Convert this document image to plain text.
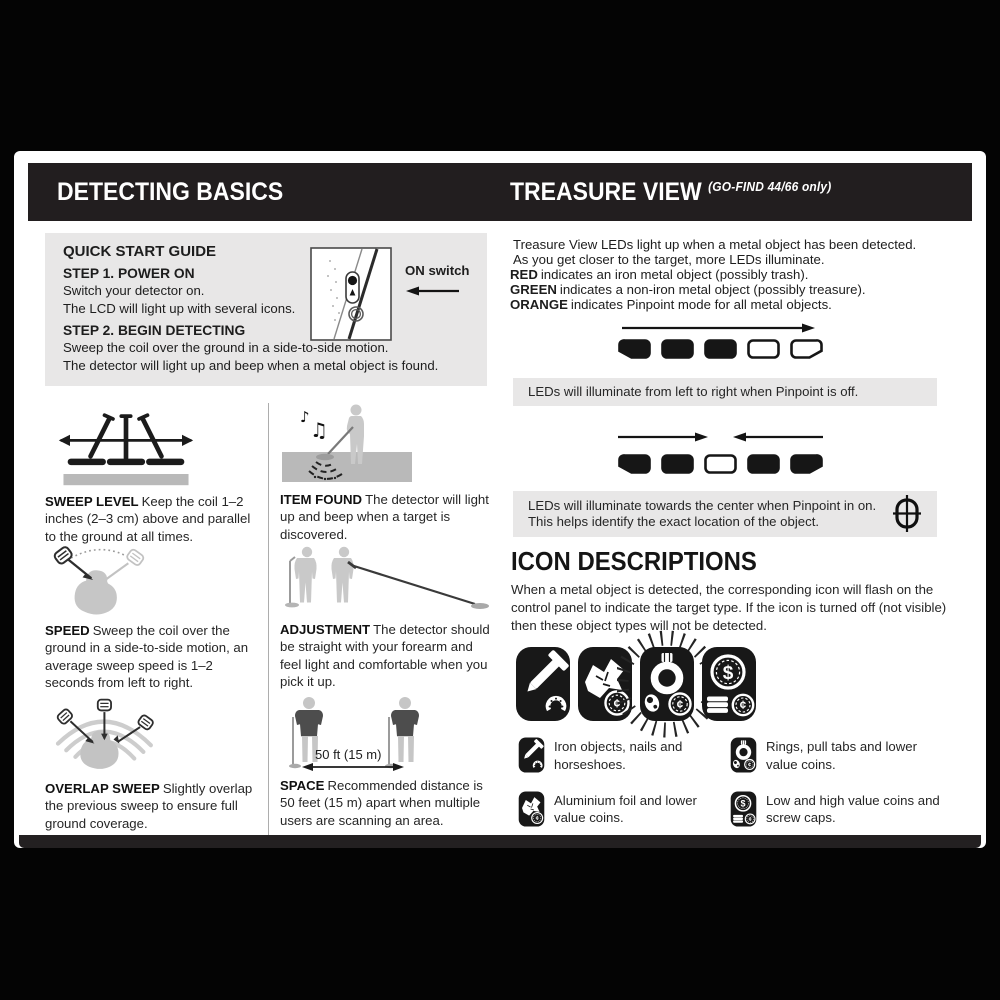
DETECTING BASICS	TREASURE VIEW $^{(GO-FIND 44/66 only)}$
QUICK START GUIDE
STEP 1. POWER ON
Switch your detector on.
The LCD will light up with several icons.
STEP 2. BEGIN DETECTING
Sweep the coil over the ground in a side-to-side motion.
The detector will light up and beep when a metal object is found.
ON switch

SWEEP LEVEL Keep the coil 1–2 inches (2–3 cm) above and parallel to the ground at all times.

SPEED Sweep the coil over the ground in a side-to-side motion, an average sweep speed is 1–2 seconds from left to right.

OVERLAP SWEEP Slightly overlap the previous sweep to ensure full ground coverage.

♪
♫

ITEM FOUND The detector will light up and beep when a target is discovered.

ADJUSTMENT The detector should be straight with your forearm and feel light and comfortable when you pick it up.

50 ft (15 m)

SPACE Recommended distance is 50 feet (15 m) apart when multiple users are scanning an area.

Treasure View LEDs light up when a metal object has been detected.

As you get closer to the target, more LEDs illuminate.

RED indicates an iron metal object (possibly trash).

GREEN indicates a non-iron metal object (possibly treasure).

ORANGE indicates Pinpoint mode for all metal objects.

LEDs will illuminate from left to right when Pinpoint is off.
LEDs will illuminate towards the center when Pinpoint in on.
This helps identify the exact location of the object.
ICON DESCRIPTIONS

When a metal object is detected, the corresponding icon will flash on the control panel to indicate the target type. If the icon is turned off (not visible) then these object types will not be detected.

Iron objects, nails and horseshoes.
Rings, pull tabs and lower value coins.
Aluminium foil and lower value coins.
Low and high value coins and screw caps.
